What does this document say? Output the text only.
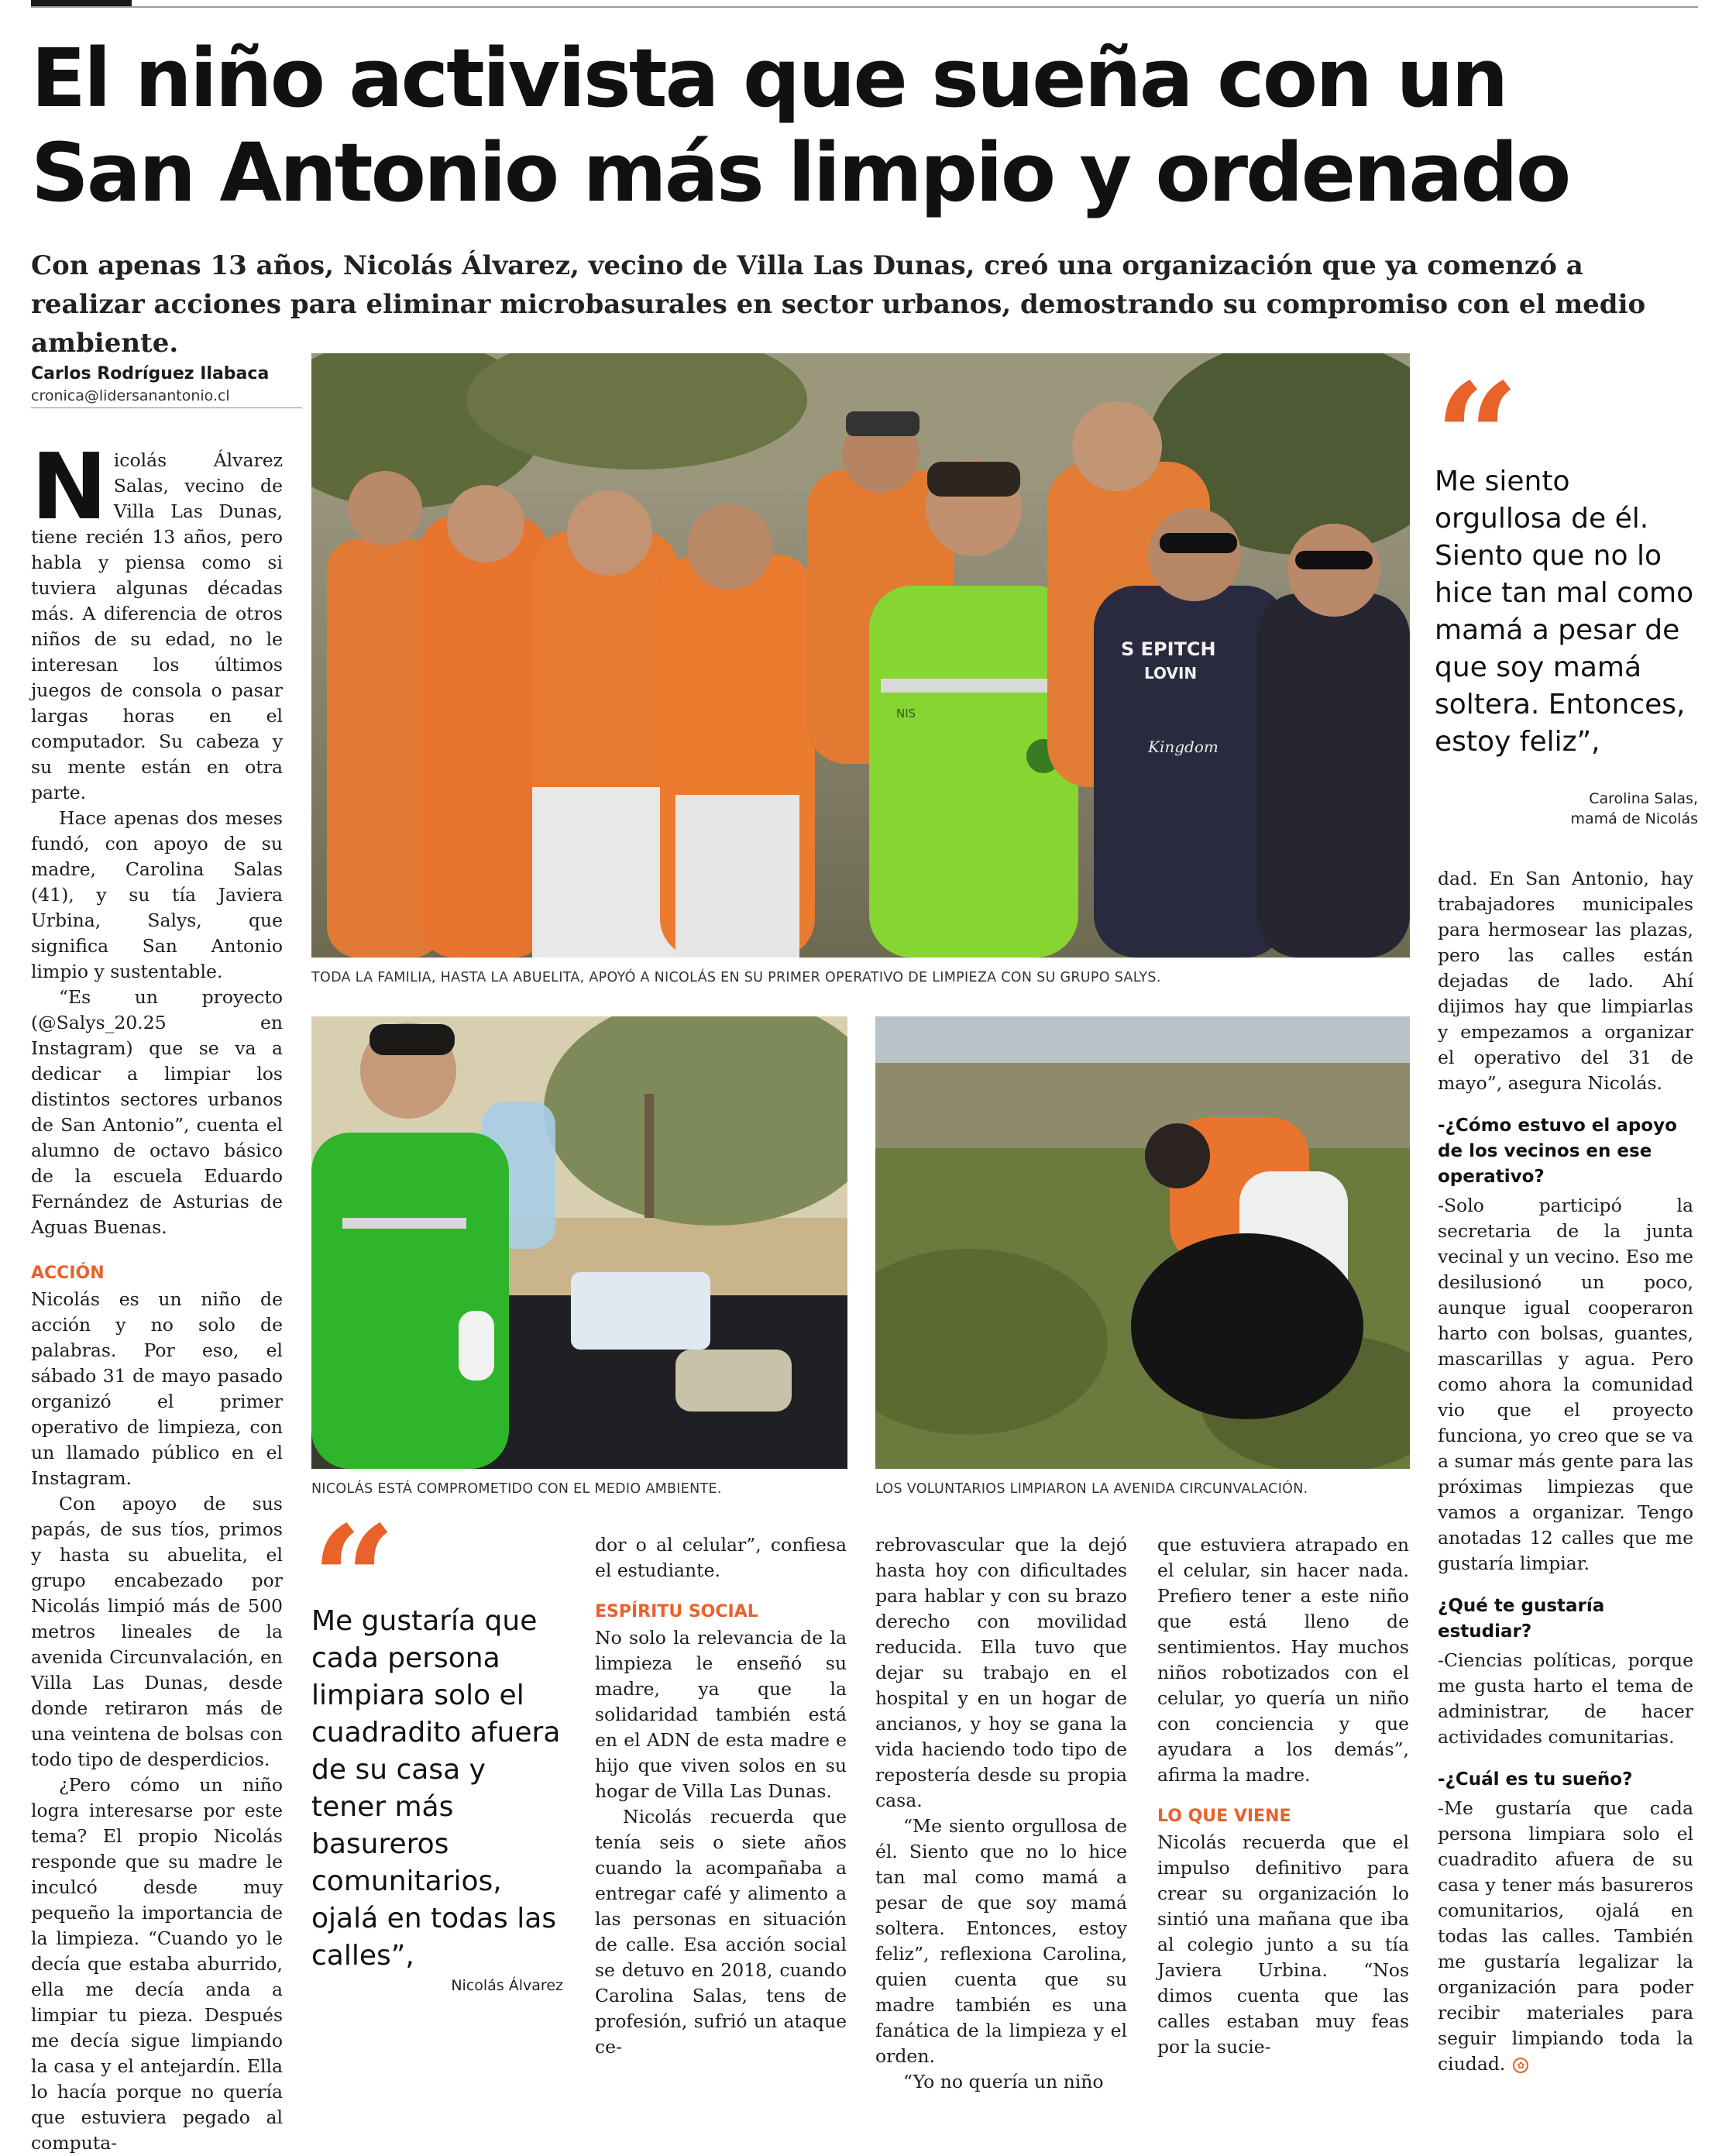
El niño activista que sueña con un
San Antonio más limpio y ordenado

Con apenas 13 años, Nicolás Álvarez, vecino de Villa Las Dunas, creó una organización que ya comenzó a realizar acciones para eliminar microbasurales en sector urbanos, demostrando su compromiso con el medio ambiente.

Carlos Rodríguez Ilabaca
cronica@lidersanantonio.cl

Nicolás Álvarez Salas, vecino de Villa Las Dunas, tiene recién 13 años, pero habla y piensa como si tuviera algunas décadas más. A diferencia de otros niños de su edad, no le interesan los últimos juegos de consola o pasar largas horas en el computador. Su cabeza y su mente están en otra parte.

Hace apenas dos meses fundó, con apoyo de su madre, Carolina Salas (41), y su tía Javiera Urbina, Salys, que significa San Antonio limpio y sustentable.

“Es un proyecto (@Salys_20.25 en Instagram) que se va a dedicar a limpiar los distintos sectores urbanos de San Antonio”, cuenta el alumno de octavo básico de la escuela Eduardo Fernández de Asturias de Aguas Buenas.

ACCIÓN

Nicolás es un niño de acción y no solo de palabras. Por eso, el sábado 31 de mayo pasado organizó el primer operativo de limpieza, con un llamado público en el Instagram.

Con apoyo de sus papás, de sus tíos, primos y hasta su abuelita, el grupo encabezado por Nicolás limpió más de 500 metros lineales de la avenida Circunvalación, en Villa Las Dunas, desde donde retiraron más de una veintena de bolsas con todo tipo de desperdicios.

¿Pero cómo un niño logra interesarse por este tema? El propio Nicolás responde que su madre le inculcó desde muy pequeño la importancia de la limpieza. “Cuando yo le decía que estaba aburrido, ella me decía anda a limpiar tu pieza. Después me decía sigue limpiando la casa y el antejardín. Ella lo hacía porque no quería que estuviera pegado al computa-

S EPITCH
LOVIN
Kingdom
NIS
TODA LA FAMILIA, HASTA LA ABUELITA, APOYÓ A NICOLÁS EN SU PRIMER OPERATIVO DE LIMPIEZA CON SU GRUPO SALYS.
Me siento orgullosa de él. Siento que no lo hice tan mal como mamá a pesar de que soy mamá soltera. Entonces, estoy feliz”,
Carolina Salas,
mamá de Nicolás
NICOLÁS ESTÁ COMPROMETIDO CON EL MEDIO AMBIENTE.	LOS VOLUNTARIOS LIMPIARON LA AVENIDA CIRCUNVALACIÓN.
Me gustaría que cada persona limpiara solo el cuadradito afuera de su casa y tener más basureros comunitarios, ojalá en todas las calles”,
Nicolás Álvarez

dor o al celular”, confiesa el estudiante.

ESPÍRITU SOCIAL

No solo la relevancia de la limpieza le enseñó su madre, ya que la solidaridad también está en el ADN de esta madre e hijo que viven solos en su hogar de Villa Las Dunas.

Nicolás recuerda que tenía seis o siete años cuando la acompañaba a entregar café y alimento a las personas en situación de calle. Esa acción social se detuvo en 2018, cuando Carolina Salas, tens de profesión, sufrió un ataque ce-

rebrovascular que la dejó hasta hoy con dificultades para hablar y con su brazo derecho con movilidad reducida. Ella tuvo que dejar su trabajo en el hospital y en un hogar de ancianos, y hoy se gana la vida haciendo todo tipo de repostería desde su propia casa.

“Me siento orgullosa de él. Siento que no lo hice tan mal como mamá a pesar de que soy mamá soltera. Entonces, estoy feliz”, reflexiona Carolina, quien cuenta que su madre también es una fanática de la limpieza y el orden.

“Yo no quería un niño

que estuviera atrapado en el celular, sin hacer nada. Prefiero tener a este niño que está lleno de sentimientos. Hay muchos niños robotizados con el celular, yo quería un niño con conciencia y que ayudara a los demás”, afirma la madre.

LO QUE VIENE

Nicolás recuerda que el impulso definitivo para crear su organización lo sintió una mañana que iba al colegio junto a su tía Javiera Urbina. “Nos dimos cuenta que las calles estaban muy feas por la sucie-

dad. En San Antonio, hay trabajadores municipales para hermosear las plazas, pero las calles están dejadas de lado. Ahí dijimos hay que limpiarlas y empezamos a organizar el operativo del 31 de mayo”, asegura Nicolás.

-¿Cómo estuvo el apoyo de los vecinos en ese operativo?

-Solo participó la secretaria de la junta vecinal y un vecino. Eso me desilusionó un poco, aunque igual cooperaron harto con bolsas, guantes, mascarillas y agua. Pero como ahora la comunidad vio que el proyecto funciona, yo creo que se va a sumar más gente para las próximas limpiezas que vamos a organizar. Tengo anotadas 12 calles que me gustaría limpiar.

¿Qué te gustaría estudiar?

-Ciencias políticas, porque me gusta harto el tema de administrar, de hacer actividades comunitarias.

-¿Cuál es tu sueño?

-Me gustaría que cada persona limpiara solo el cuadradito afuera de su casa y tener más basureros comunitarios, ojalá en todas las calles. También me gustaría legalizar la organización para poder recibir materiales para seguir limpiando toda la ciudad. ✿
